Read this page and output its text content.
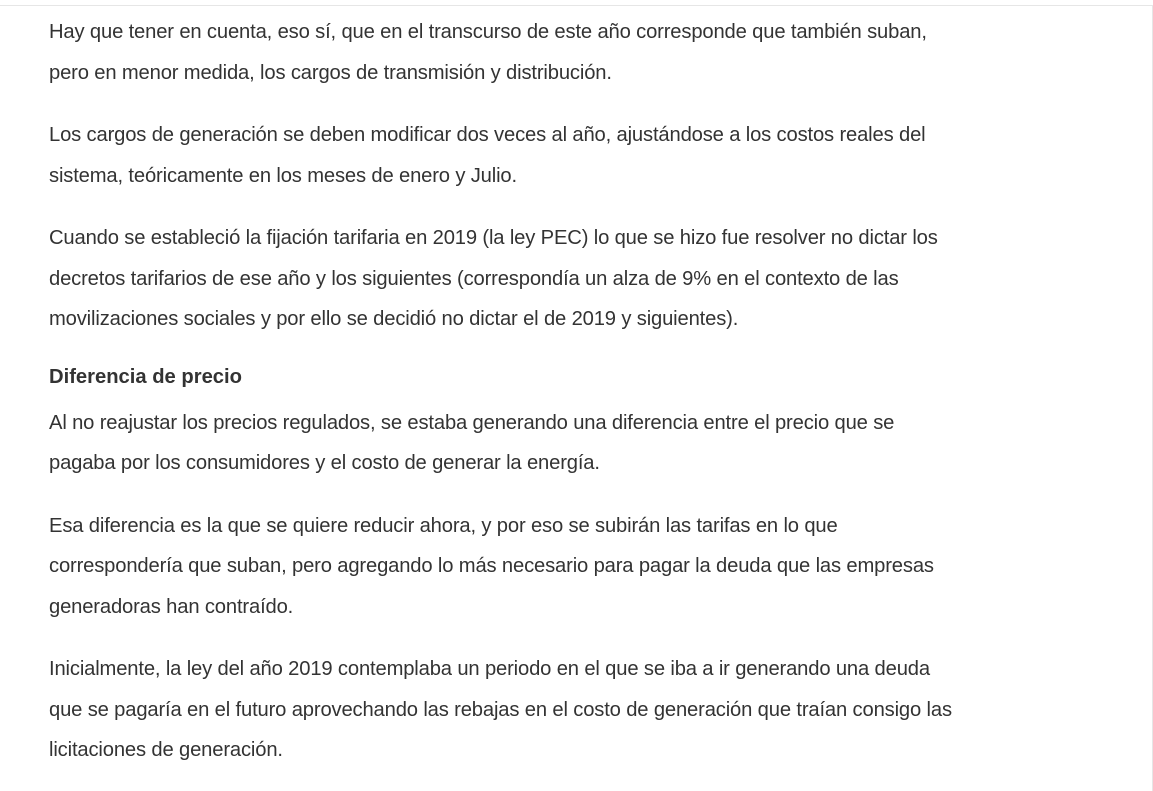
Hay que tener en cuenta, eso sí, que en el transcurso de este año corresponde que también suban,
pero en menor medida, los cargos de transmisión y distribución.

Los cargos de generación se deben modificar dos veces al año, ajustándose a los costos reales del
sistema, teóricamente en los meses de enero y Julio.

Cuando se estableció la fijación tarifaria en 2019 (la ley PEC) lo que se hizo fue resolver no dictar los
decretos tarifarios de ese año y los siguientes (correspondía un alza de 9% en el contexto de las
movilizaciones sociales y por ello se decidió no dictar el de 2019 y siguientes).

Diferencia de precio

Al no reajustar los precios regulados, se estaba generando una diferencia entre el precio que se
pagaba por los consumidores y el costo de generar la energía.

Esa diferencia es la que se quiere reducir ahora, y por eso se subirán las tarifas en lo que
correspondería que suban, pero agregando lo más necesario para pagar la deuda que las empresas
generadoras han contraído.

Inicialmente, la ley del año 2019 contemplaba un periodo en el que se iba a ir generando una deuda
que se pagaría en el futuro aprovechando las rebajas en el costo de generación que traían consigo las
licitaciones de generación.
